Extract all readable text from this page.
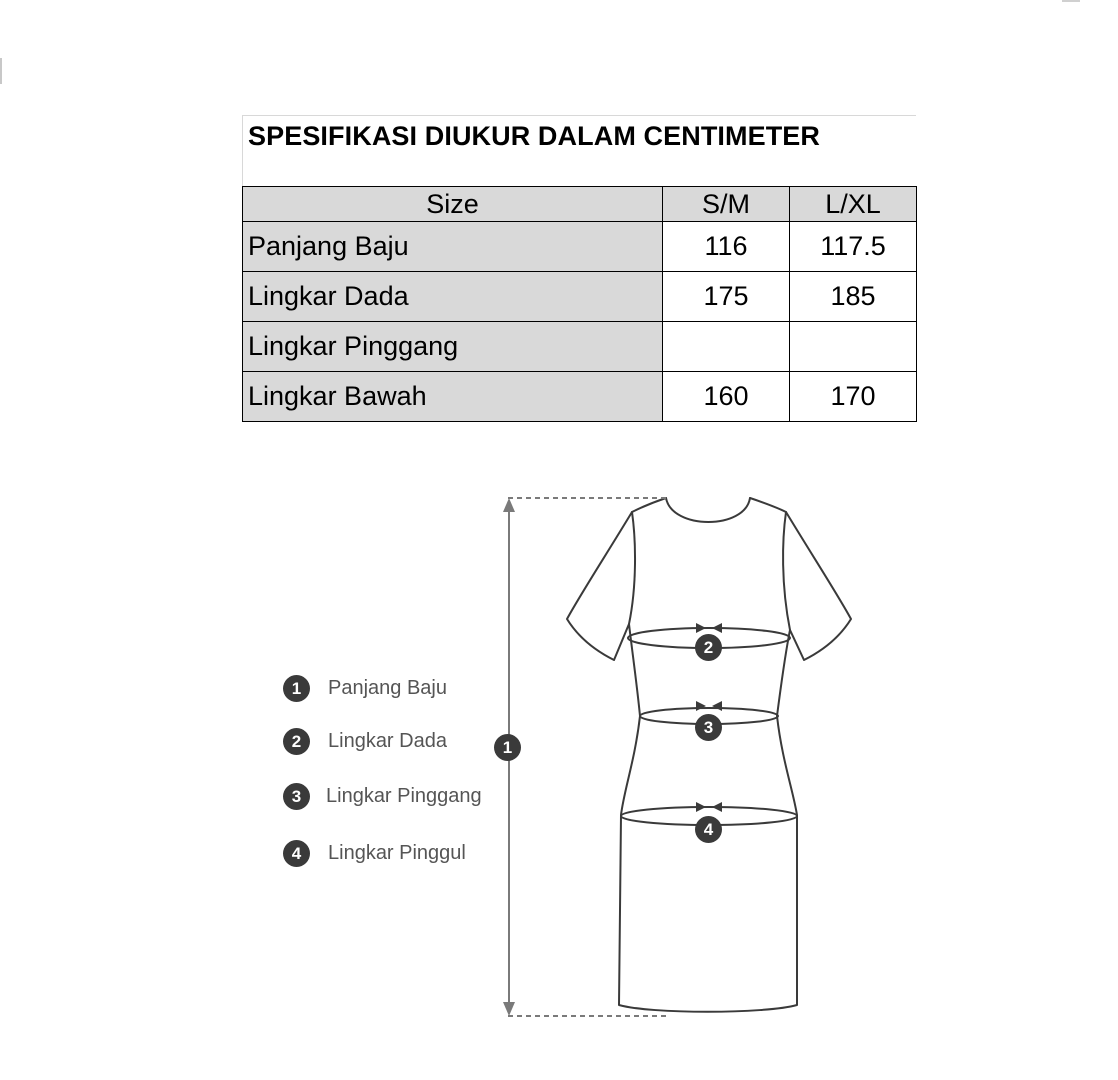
SPESIFIKASI DIUKUR DALAM CENTIMETER
Size	S/M	L/XL
Panjang Baju	116	117.5
Lingkar Dada	175	185
Lingkar Pinggang		
Lingkar Bawah	160	170
1
2
3
4
1	Panjang Baju
2	Lingkar Dada
3	Lingkar Pinggang
4	Lingkar Pinggul
